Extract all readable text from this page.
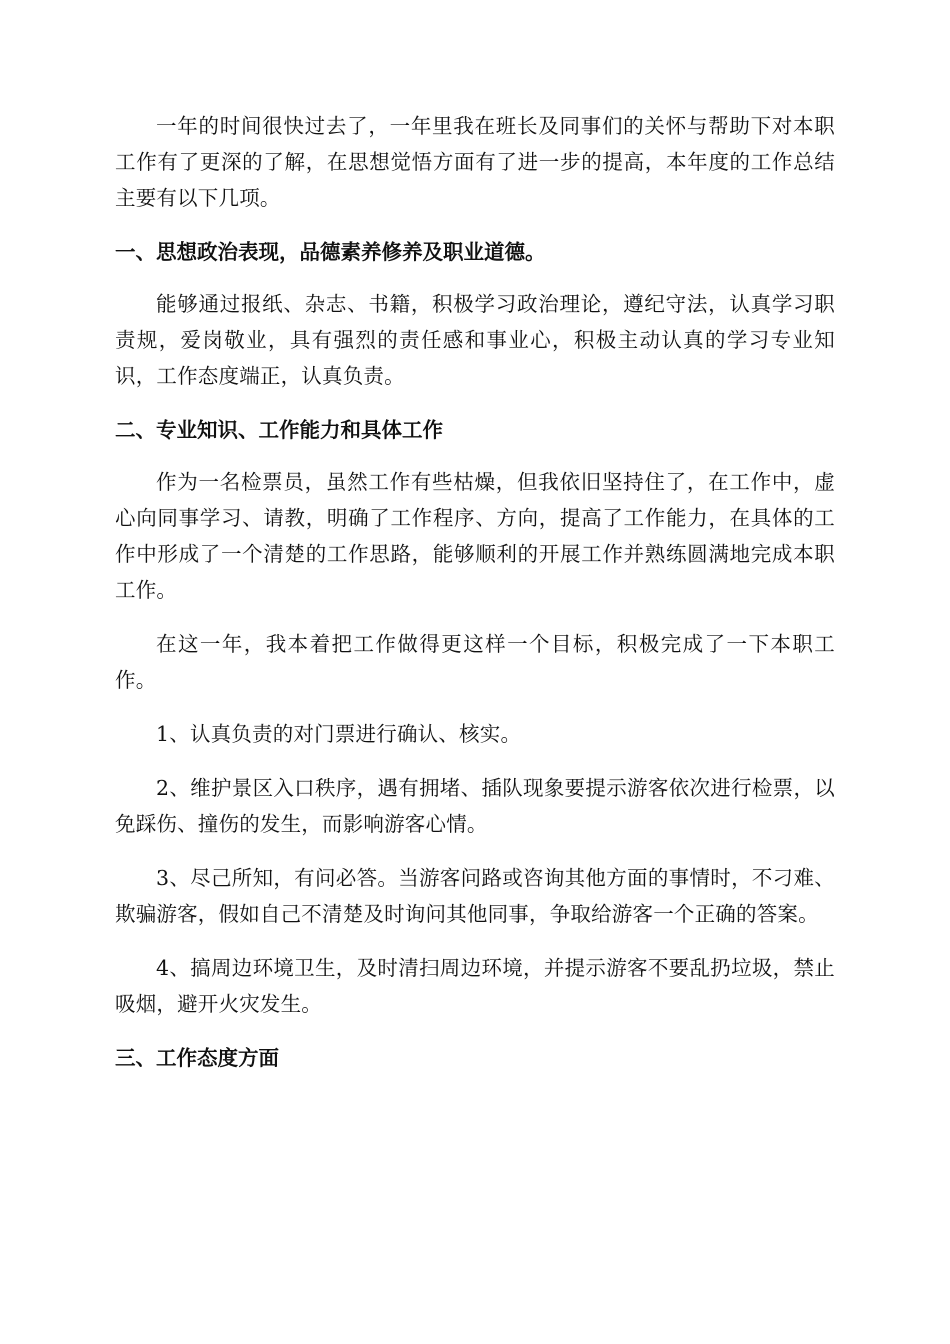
一年的时间很快过去了，一年里我在班长及同事们的关怀与帮助下对本职工作有了更深的了解，在思想觉悟方面有了进一步的提高，本年度的工作总结主要有以下几项。

一、思想政治表现，品德素养修养及职业道德。

能够通过报纸、杂志、书籍，积极学习政治理论，遵纪守法，认真学习职责规，爱岗敬业，具有强烈的责任感和事业心，积极主动认真的学习专业知识，工作态度端正，认真负责。

二、专业知识、工作能力和具体工作

作为一名检票员，虽然工作有些枯燥，但我依旧坚持住了，在工作中，虚心向同事学习、请教，明确了工作程序、方向，提高了工作能力，在具体的工作中形成了一个清楚的工作思路，能够顺利的开展工作并熟练圆满地完成本职工作。

在这一年，我本着把工作做得更这样一个目标，积极完成了一下本职工作。

1、认真负责的对门票进行确认、核实。

2、维护景区入口秩序，遇有拥堵、插队现象要提示游客依次进行检票，以免踩伤、撞伤的发生，而影响游客心情。

3、尽己所知，有问必答。当游客问路或咨询其他方面的事情时，不刁难、欺骗游客，假如自己不清楚及时询问其他同事，争取给游客一个正确的答案。

4、搞周边环境卫生，及时清扫周边环境，并提示游客不要乱扔垃圾，禁止吸烟，避开火灾发生。

三、工作态度方面
